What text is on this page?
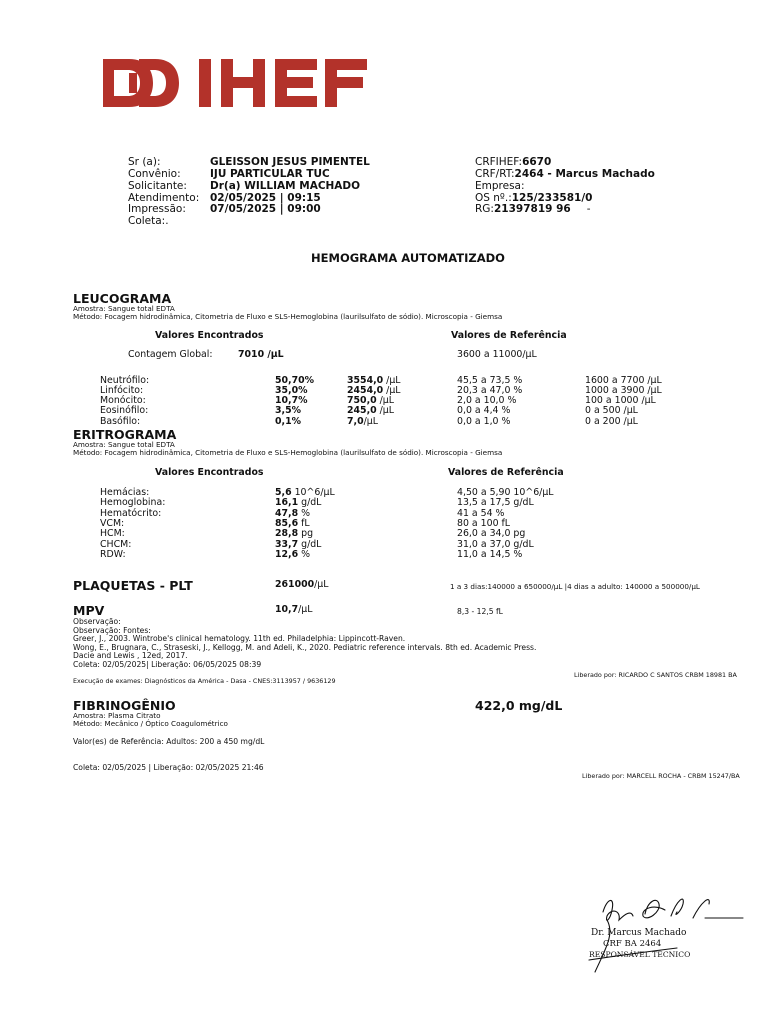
Sr (a):	GLEISSON JESUS PIMENTEL
Convênio:	IJU PARTICULAR TUC
Solicitante: Dr(a) WILLIAM MACHADO
Atendimento: 02/05/2025 | 09:15
Impressão: 07/05/2025 | 09:00
Coleta:.
CRFIHEF:6670
CRF/RT:2464 - Marcus Machado
Empresa:
OS nº.:125/233581/0
RG:21397819 96 -
HEMOGRAMA AUTOMATIZADO
LEUCOGRAMA
Amostra: Sangue total EDTA
Método: Focagem hidrodinâmica, Citometria de Fluxo e SLS-Hemoglobina (laurilsulfato de sódio). Microscopia - Giemsa
Valores Encontrados	Valores de Referência
Contagem Global:	7010 /µL	3600 a 11000/µL
Neutrófilo:	50,70%	3554,0 /µL	45,5 a 73,5 %	1600 a 7700 /µL
Linfócito:	35,0%	2454,0 /µL	20,3 a 47,0 %	1000 a 3900 /µL
Monócito:	10,7%	750,0 /µL	2,0 a 10,0 %	100 a 1000 /µL
Eosinófilo:	3,5%	245,0 /µL	0,0 a 4,4 %	0 a 500 /µL
Basófilo:	0,1%	7,0/µL	0,0 a 1,0 %	0 a 200 /µL
ERITROGRAMA
Amostra: Sangue total EDTA
Método: Focagem hidrodinâmica, Citometria de Fluxo e SLS-Hemoglobina (laurilsulfato de sódio). Microscopia - Giemsa
Valores Encontrados	Valores de Referência
Hemácias:	5,6 10^6/µL	4,50 a 5,90 10^6/µL
Hemoglobina:	16,1 g/dL	13,5 a 17,5 g/dL
Hematócrito:	47,8 %	41 a 54 %
VCM:	85,6 fL	80 a 100 fL
HCM:	28,8 pg	26,0 a 34,0 pg
CHCM:	33,7 g/dL	31,0 a 37,0 g/dL
RDW:	12,6 %	11,0 a 14,5 %
PLAQUETAS - PLT	261000/µL	1 a 3 dias:140000 a 650000/µL |4 dias a adulto: 140000 a 500000/µL
MPV	10,7/µL	8,3 - 12,5 fL
Observação:
Observação: Fontes:
Greer, J., 2003. Wintrobe's clinical hematology. 11th ed. Philadelphia: Lippincott-Raven.
Wong, E., Brugnara, C., Straseski, J., Kellogg, M. and Adeli, K., 2020. Pediatric reference intervals. 8th ed. Academic Press.
Dacie and Lewis , 12ed, 2017.
Coleta: 02/05/2025| Liberação: 06/05/2025 08:39
Liberado por: RICARDO C SANTOS CRBM 18981 BA
Execução de exames: Diagnósticos da América - Dasa - CNES:3113957 / 9636129
FIBRINOGÊNIO	422,0 mg/dL
Amostra: Plasma Citrato
Método: Mecânico / Óptico Coagulométrico
Valor(es) de Referência: Adultos: 200 a 450 mg/dL
Coleta: 02/05/2025 | Liberação: 02/05/2025 21:46
Liberado por: MARCELL ROCHA - CRBM 15247/BA
Dr. Marcus Machado
CRF BA 2464
RESPONSÁVEL TÉCNICO
